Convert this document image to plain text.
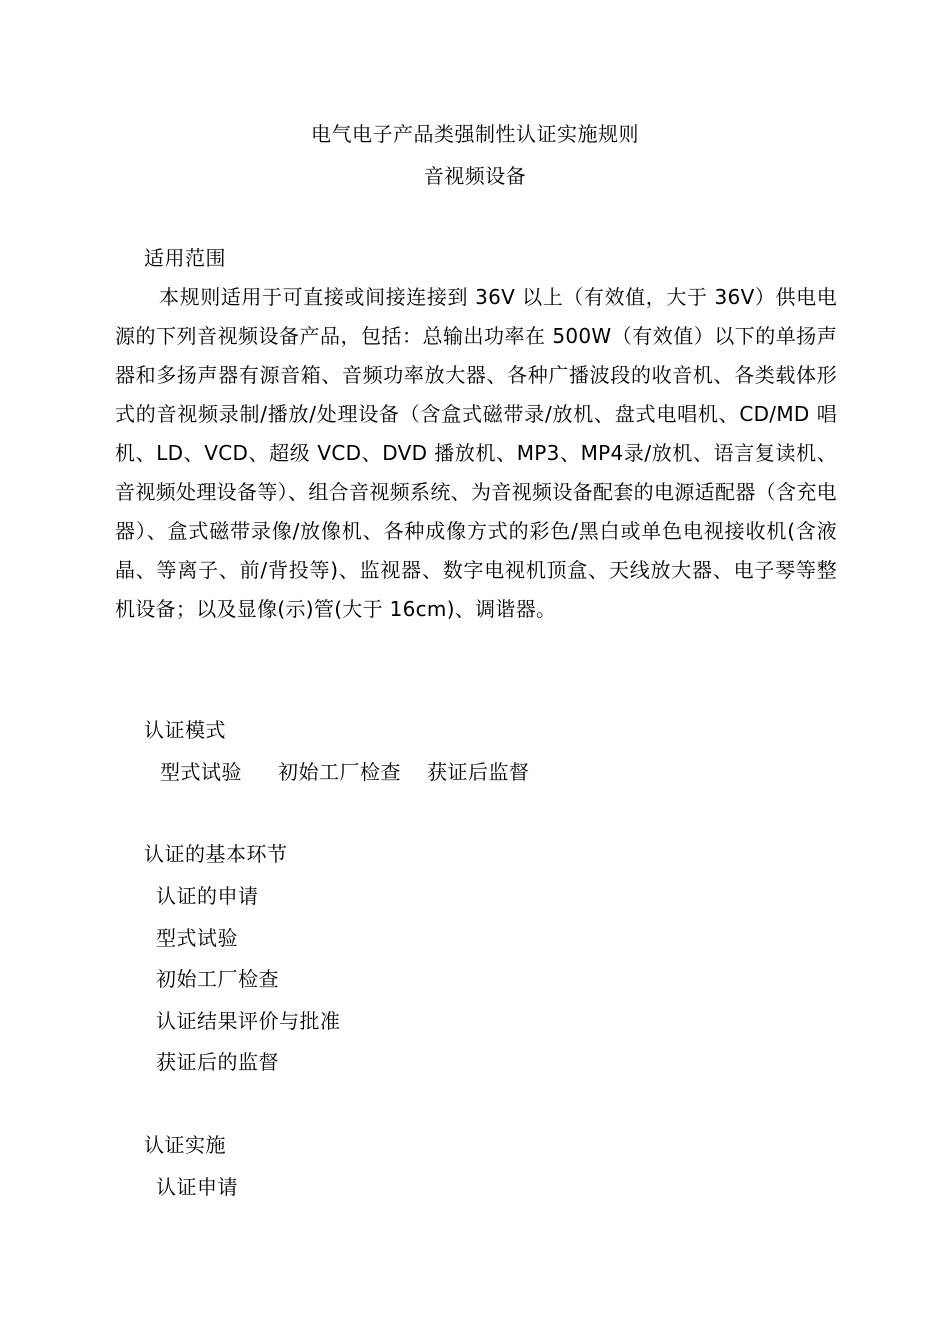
电气电子产品类强制性认证实施规则
音视频设备
适用范围
本规则适用于可直接或间接连接到 36V 以上（有效值，大于 36V）供电电源的下列音视频设备产品，包括：总输出功率在 500W（有效值）以下的单扬声器和多扬声器有源音箱、音频功率放大器、各种广播波段的收音机、各类载体形式的音视频录制/播放/处理设备（含盒式磁带录/放机、盘式电唱机、CD/MD 唱机、LD、VCD、超级 VCD、DVD 播放机、MP3、MP4录/放机、语言复读机、音视频处理设备等）、组合音视频系统、为音视频设备配套的电源适配器（含充电器）、盒式磁带录像/放像机、各种成像方式的彩色/黑白或单色电视接收机(含液晶、等离子、前/背投等)、监视器、数字电视机顶盒、天线放大器、电子琴等整机设备；以及显像(示)管(大于 16cm)、调谐器。
认证模式
型式试验 初始工厂检查 获证后监督
认证的基本环节
认证的申请
型式试验
初始工厂检查
认证结果评价与批准
获证后的监督
认证实施
认证申请
